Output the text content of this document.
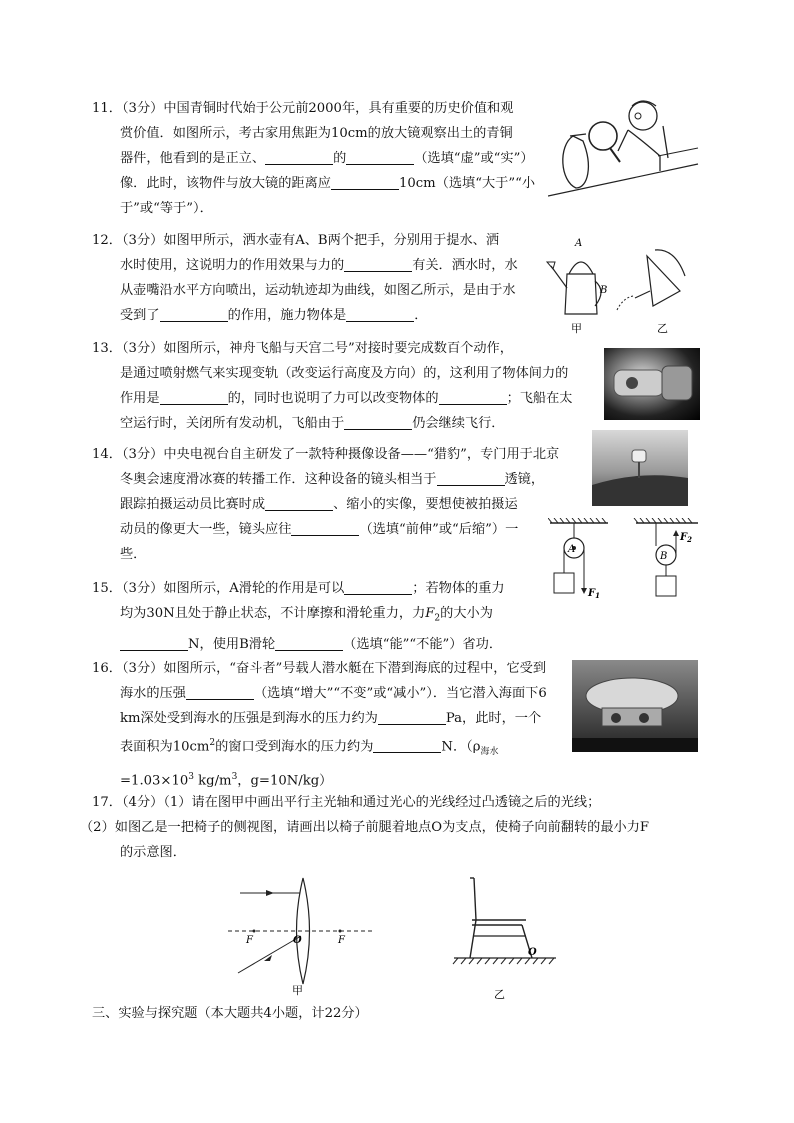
11．（3分）中国青铜时代始于公元前2000年，具有重要的历史价值和观

赏价值．如图所示，考古家用焦距为10cm的放大镜观察出土的青铜

器件，他看到的是正立、	的	（选填“虚”或“实”）

像．此时，该物件与放大镜的距离应	10cm（选填“大于”“小

于”或“等于”）．

12．（3分）如图甲所示，洒水壶有A、B两个把手，分别用于提水、洒

水时使用，这说明力的作用效果与力的	有关．洒水时，水

从壶嘴沿水平方向喷出，运动轨迹却为曲线，如图乙所示，是由于水

受到了	的作用，施力物体是	．

A
B
甲	乙

13．（3分）如图所示，神舟飞船与天宫二号”对接时要完成数百个动作，

是通过喷射燃气来实现变轨（改变运行高度及方向）的，这利用了物体间力的

作用是	的，同时也说明了力可以改变物体的	；飞船在太

空运行时，关闭所有发动机，飞船由于	仍会继续飞行．

14．（3分）中央电视台自主研发了一款特种摄像设备——“猎豹”，专门用于北京

冬奥会速度滑冰赛的转播工作．这种设备的镜头相当于	透镜，

跟踪拍摄运动员比赛时成	、缩小的实像，要想使被拍摄运

动员的像更大一些，镜头应往	（选填“前伸”或“后缩”）一

些．	A
$F_1$
$F_2$
B

15．（3分）如图所示，A滑轮的作用是可以	；若物体的重力

均为30N且处于静止状态，不计摩擦和滑轮重力，力$F_2$的大小为

N，使用B滑轮	（选填“能”“不能”）省功．

16．（3分）如图所示，“奋斗者”号载人潜水艇在下潜到海底的过程中，它受到

海水的压强	（选填“增大”“不变”或“减小”）．当它潜入海面下6

km深处受到海水的压强是到海水的压力约为	Pa，此时，一个

表面积为$10cm^2$的窗口受到海水的压力约为	N．（$\rho_{海水}$

$=1.03\times 10^3$ $kg/m^3$，g=10N/kg）

17．（4分）（1）请在图甲中画出平行主光轴和通过光心的光线经过凸透镜之后的光线；

（2）如图乙是一把椅子的侧视图，请画出以椅子前腿着地点O为支点，使椅子向前翻转的最小力F

的示意图．

F	O	F
甲
O
乙
三、实验与探究题（本大题共4小题，计22分）
